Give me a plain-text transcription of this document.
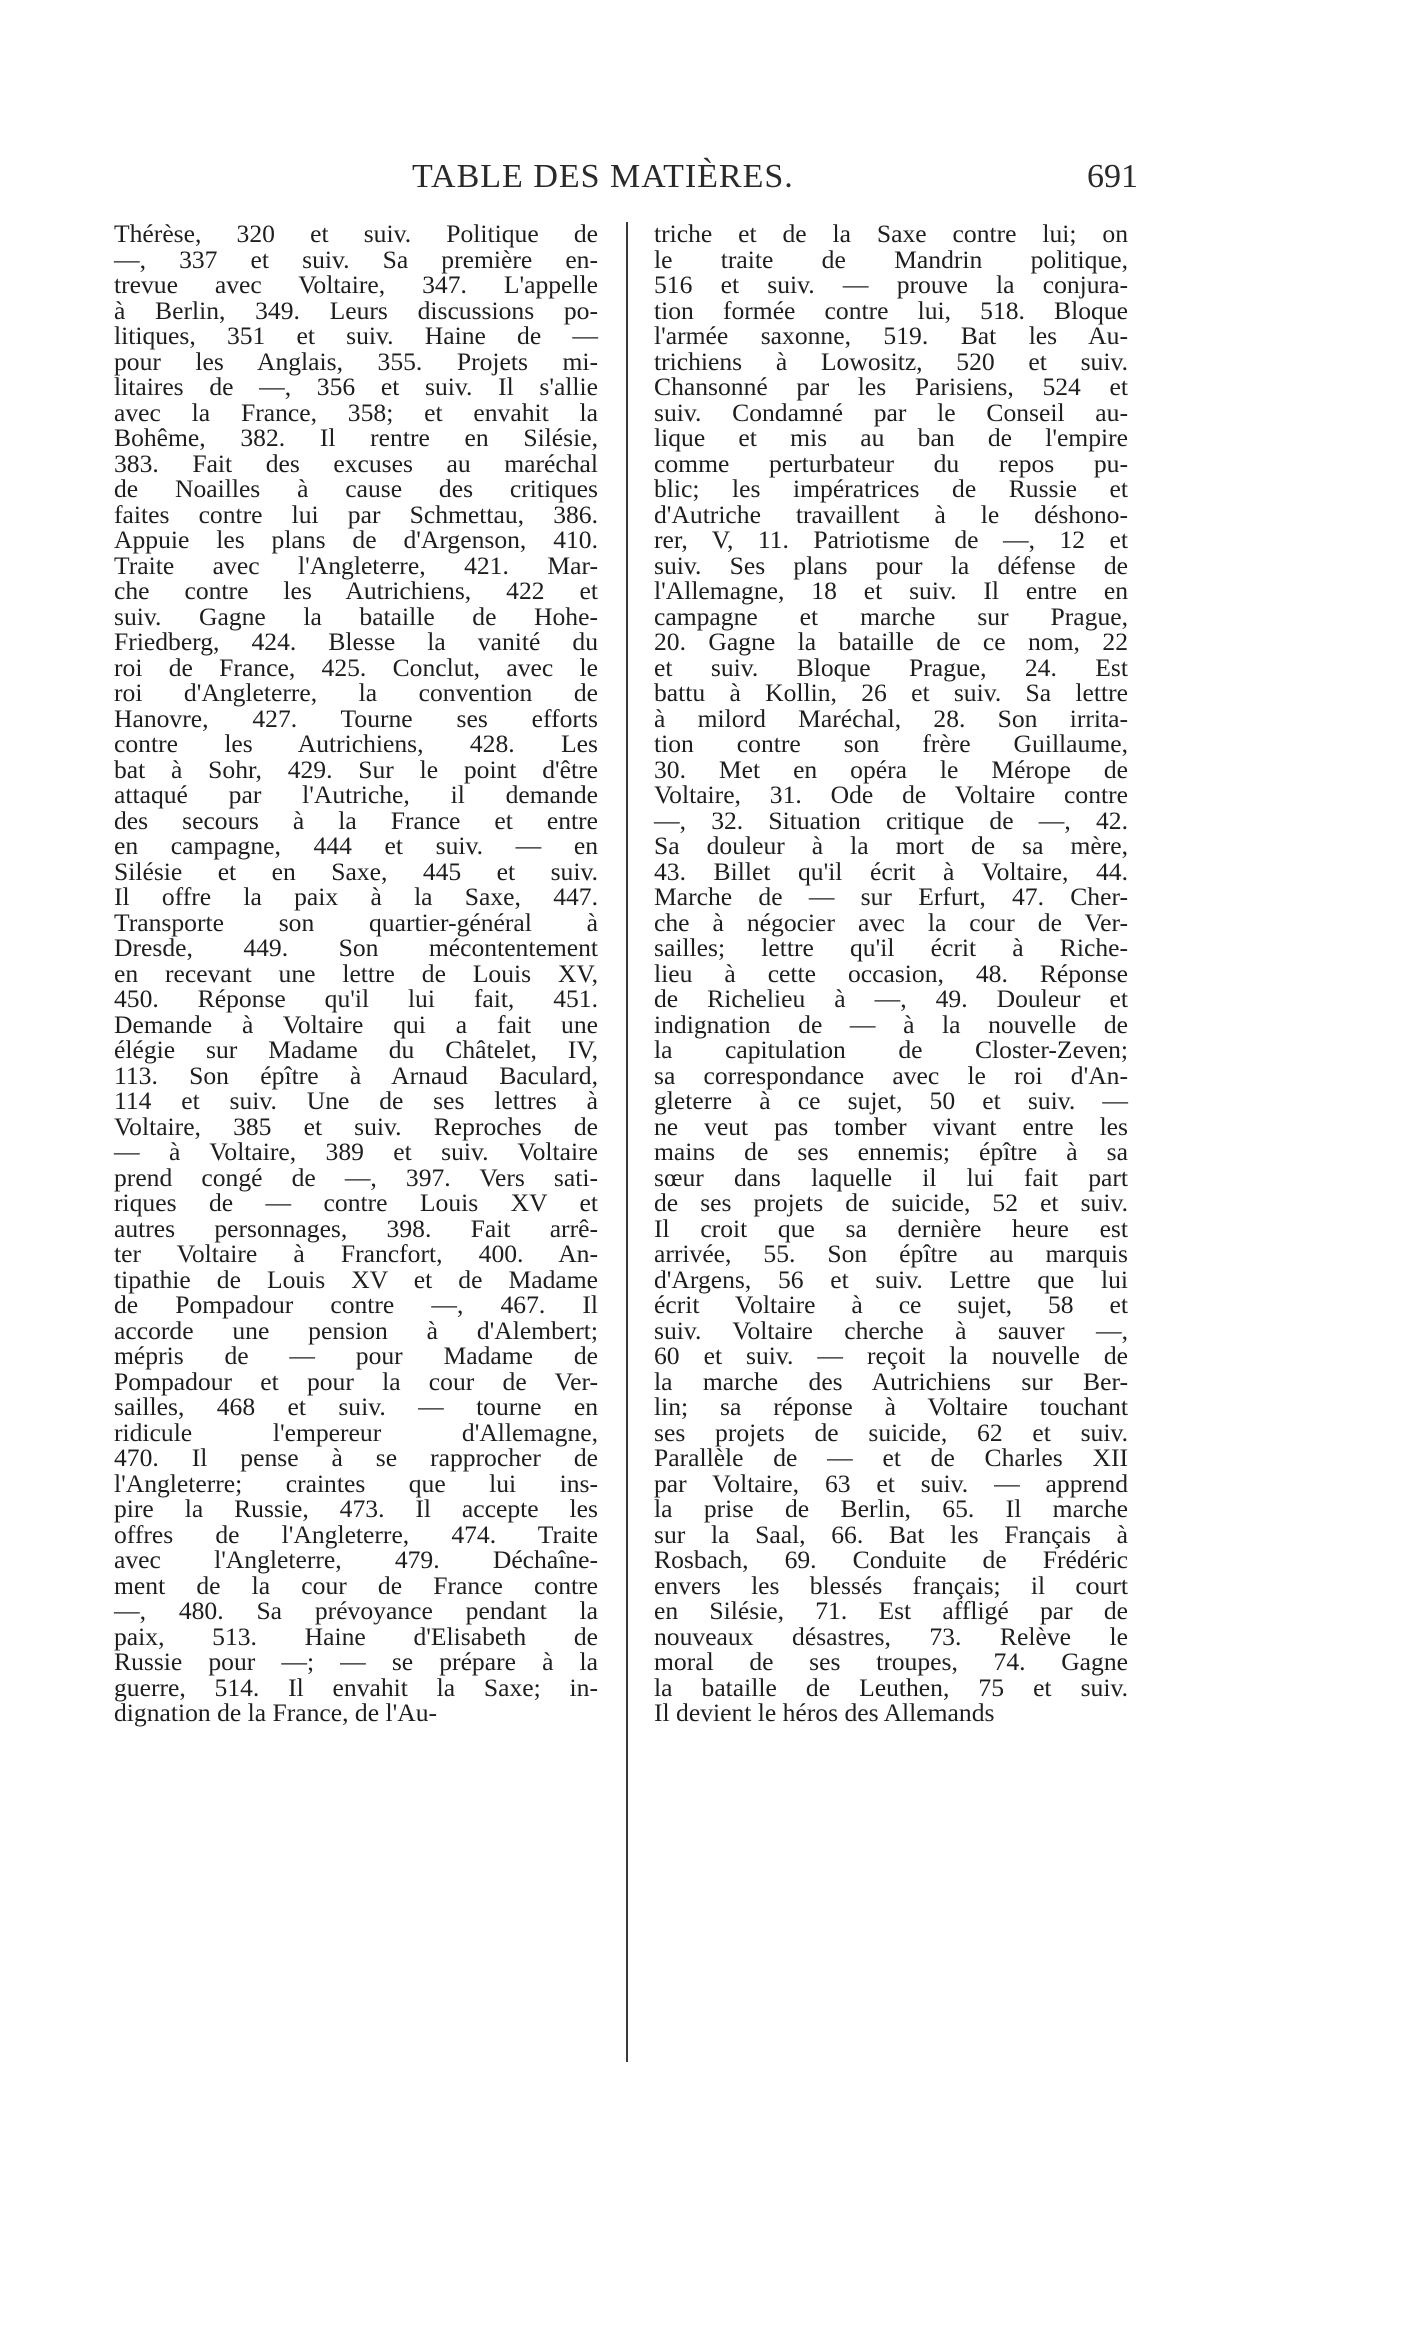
TABLE DES MATIÈRES.	691
Thérèse, 320 et suiv. Politique de
—, 337 et suiv. Sa première en-
trevue avec Voltaire, 347. L'appelle
à Berlin, 349. Leurs discussions po-
litiques, 351 et suiv. Haine de —
pour les Anglais, 355. Projets mi-
litaires de —, 356 et suiv. Il s'allie
avec la France, 358; et envahit la
Bohême, 382. Il rentre en Silésie,
383. Fait des excuses au maréchal
de Noailles à cause des critiques
faites contre lui par Schmettau, 386.
Appuie les plans de d'Argenson, 410.
Traite avec l'Angleterre, 421. Mar-
che contre les Autrichiens, 422 et
suiv. Gagne la bataille de Hohe-
Friedberg, 424. Blesse la vanité du
roi de France, 425. Conclut, avec le
roi d'Angleterre, la convention de
Hanovre, 427. Tourne ses efforts
contre les Autrichiens, 428. Les
bat à Sohr, 429. Sur le point d'être
attaqué par l'Autriche, il demande
des secours à la France et entre
en campagne, 444 et suiv. — en
Silésie et en Saxe, 445 et suiv.
Il offre la paix à la Saxe, 447.
Transporte son quartier-général à
Dresde, 449. Son mécontentement
en recevant une lettre de Louis XV,
450. Réponse qu'il lui fait, 451.
Demande à Voltaire qui a fait une
élégie sur Madame du Châtelet, IV,
113. Son épître à Arnaud Baculard,
114 et suiv. Une de ses lettres à
Voltaire, 385 et suiv. Reproches de
— à Voltaire, 389 et suiv. Voltaire
prend congé de —, 397. Vers sati-
riques de — contre Louis XV et
autres personnages, 398. Fait arrê-
ter Voltaire à Francfort, 400. An-
tipathie de Louis XV et de Madame
de Pompadour contre —, 467. Il
accorde une pension à d'Alembert;
mépris de — pour Madame de
Pompadour et pour la cour de Ver-
sailles, 468 et suiv. — tourne en
ridicule l'empereur d'Allemagne,
470. Il pense à se rapprocher de
l'Angleterre; craintes que lui ins-
pire la Russie, 473. Il accepte les
offres de l'Angleterre, 474. Traite
avec l'Angleterre, 479. Déchaîne-
ment de la cour de France contre
—, 480. Sa prévoyance pendant la
paix, 513. Haine d'Elisabeth de
Russie pour —; — se prépare à la
guerre, 514. Il envahit la Saxe; in-
dignation de la France, de l'Au-
triche et de la Saxe contre lui; on
le traite de Mandrin politique,
516 et suiv. — prouve la conjura-
tion formée contre lui, 518. Bloque
l'armée saxonne, 519. Bat les Au-
trichiens à Lowositz, 520 et suiv.
Chansonné par les Parisiens, 524 et
suiv. Condamné par le Conseil au-
lique et mis au ban de l'empire
comme perturbateur du repos pu-
blic; les impératrices de Russie et
d'Autriche travaillent à le déshono-
rer, V, 11. Patriotisme de —, 12 et
suiv. Ses plans pour la défense de
l'Allemagne, 18 et suiv. Il entre en
campagne et marche sur Prague,
20. Gagne la bataille de ce nom, 22
et suiv. Bloque Prague, 24. Est
battu à Kollin, 26 et suiv. Sa lettre
à milord Maréchal, 28. Son irrita-
tion contre son frère Guillaume,
30. Met en opéra le Mérope de
Voltaire, 31. Ode de Voltaire contre
—, 32. Situation critique de —, 42.
Sa douleur à la mort de sa mère,
43. Billet qu'il écrit à Voltaire, 44.
Marche de — sur Erfurt, 47. Cher-
che à négocier avec la cour de Ver-
sailles; lettre qu'il écrit à Riche-
lieu à cette occasion, 48. Réponse
de Richelieu à —, 49. Douleur et
indignation de — à la nouvelle de
la capitulation de Closter-Zeven;
sa correspondance avec le roi d'An-
gleterre à ce sujet, 50 et suiv. —
ne veut pas tomber vivant entre les
mains de ses ennemis; épître à sa
sœur dans laquelle il lui fait part
de ses projets de suicide, 52 et suiv.
Il croit que sa dernière heure est
arrivée, 55. Son épître au marquis
d'Argens, 56 et suiv. Lettre que lui
écrit Voltaire à ce sujet, 58 et
suiv. Voltaire cherche à sauver —,
60 et suiv. — reçoit la nouvelle de
la marche des Autrichiens sur Ber-
lin; sa réponse à Voltaire touchant
ses projets de suicide, 62 et suiv.
Parallèle de — et de Charles XII
par Voltaire, 63 et suiv. — apprend
la prise de Berlin, 65. Il marche
sur la Saal, 66. Bat les Français à
Rosbach, 69. Conduite de Frédéric
envers les blessés français; il court
en Silésie, 71. Est affligé par de
nouveaux désastres, 73. Relève le
moral de ses troupes, 74. Gagne
la bataille de Leuthen, 75 et suiv.
Il devient le héros des Allemands
